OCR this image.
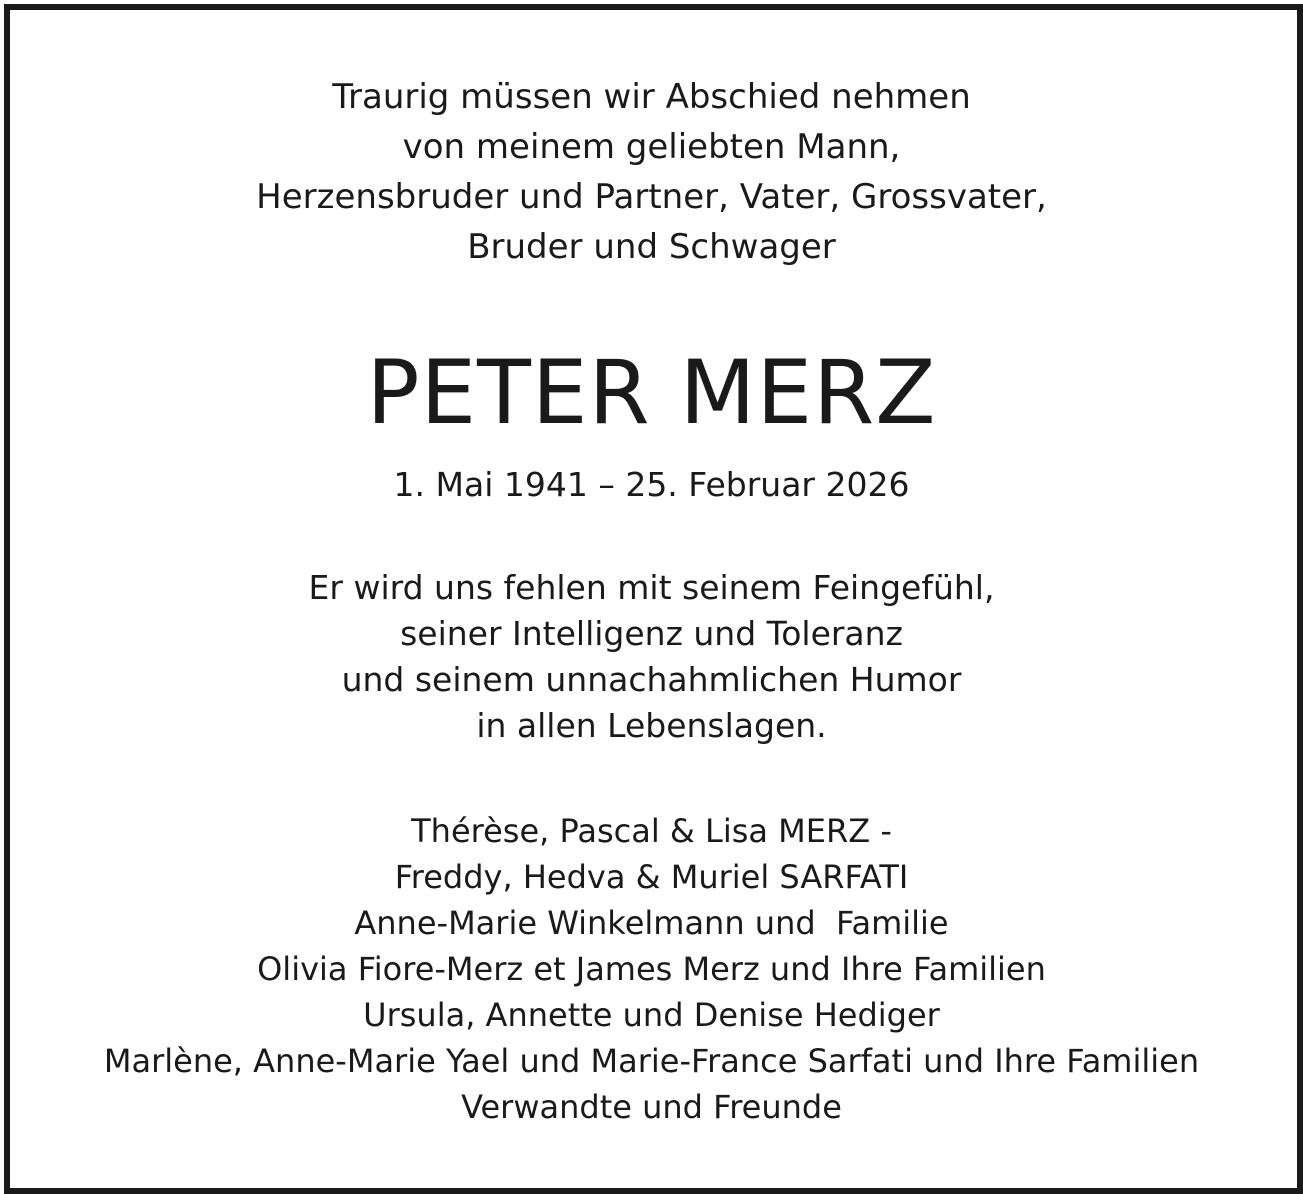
Traurig müssen wir Abschied nehmen
von meinem geliebten Mann,
Herzensbruder und Partner, Vater, Grossvater,
Bruder und Schwager
PETER MERZ
1. Mai 1941 – 25. Februar 2026
Er wird uns fehlen mit seinem Feingefühl,
seiner Intelligenz und Toleranz
und seinem unnachahmlichen Humor
in allen Lebenslagen.
Thérèse, Pascal & Lisa MERZ -
Freddy, Hedva & Muriel SARFATI
Anne-Marie Winkelmann und  Familie
Olivia Fiore-Merz et James Merz und Ihre Familien
Ursula, Annette und Denise Hediger
Marlène, Anne-Marie Yael und Marie-France Sarfati und Ihre Familien
Verwandte und Freunde
